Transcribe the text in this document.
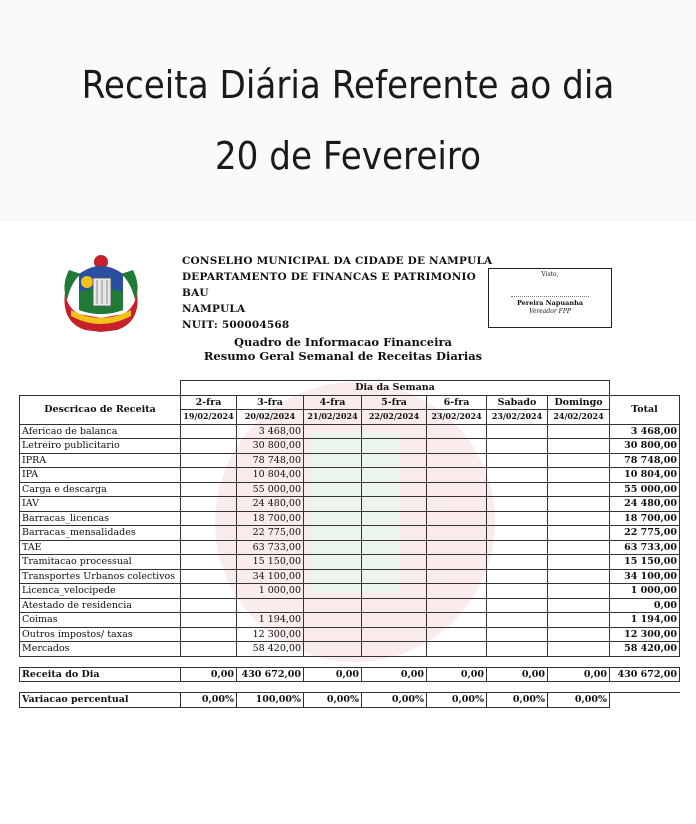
Receita Diária Referente ao dia
20 de Fevereiro
CONSELHO MUNICIPAL DA CIDADE DE NAMPULA
DEPARTAMENTO DE FINANCAS E PATRIMONIO
BAU
NAMPULA
NUIT: 500004568
Visto,
Pereira Napuanha
Vereador FPP
Quadro de Informacao Financeira
Resumo Geral Semanal de Receitas Diarias
	Dia da Semana							
Descricao de Receita	2-fra	3-fra	4-fra	5-fra	6-fra	Sabado	Domingo	Total
	19/02/2024	20/02/2024	21/02/2024	22/02/2024	23/02/2024	23/02/2024	24/02/2024	
Afericao de balanca		3 468,00						3 468,00
Letreiro publicitario		30 800,00						30 800,00
IPRA		78 748,00						78 748,00
IPA		10 804,00						10 804,00
Carga e descarga		55 000,00						55 000,00
IAV		24 480,00						24 480,00
Barracas_licencas		18 700,00						18 700,00
Barracas_mensalidades		22 775,00						22 775,00
TAE		63 733,00						63 733,00
Tramitacao processual		15 150,00						15 150,00
Transportes Urbanos colectivos		34 100,00						34 100,00
Licenca_velocipede		1 000,00						1 000,00
Atestado de residencia								0,00
Coimas		1 194,00						1 194,00
Outros impostos/ taxas		12 300,00						12 300,00
Mercados		58 420,00						58 420,00

Receita do Dia	0,00	430 672,00	0,00	0,00	0,00	0,00	0,00	430 672,00

Variacao percentual	0,00%	100,00%	0,00%	0,00%	0,00%	0,00%	0,00%	
